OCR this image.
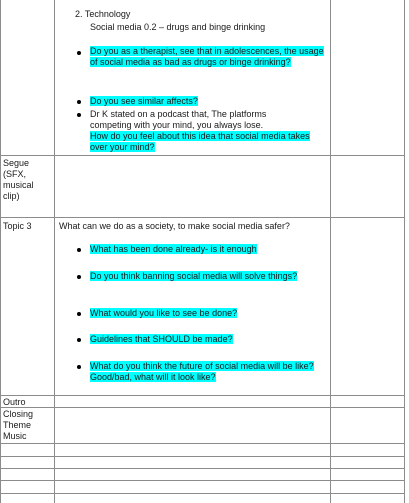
2. Technology
Social media 0.2 – drugs and binge drinking
Do you as a therapist, see that in adolescences, the usage of social media as bad as drugs or binge drinking?
Do you see similar affects?
Dr K stated on a podcast that, The platforms
competing with your mind, you always lose.
How do you feel about this idea that social media takes over your mind?
Segue (SFX, musical clip)
Topic 3	What can we do as a society, to make social media safer?
What has been done already- is it enough
Do you think banning social media will solve things?
What would you like to see be done?
Guidelines that SHOULD be made?
What do you think the future of social media will be like? Good/bad, what will it look like?
Outro
Closing Theme Music
